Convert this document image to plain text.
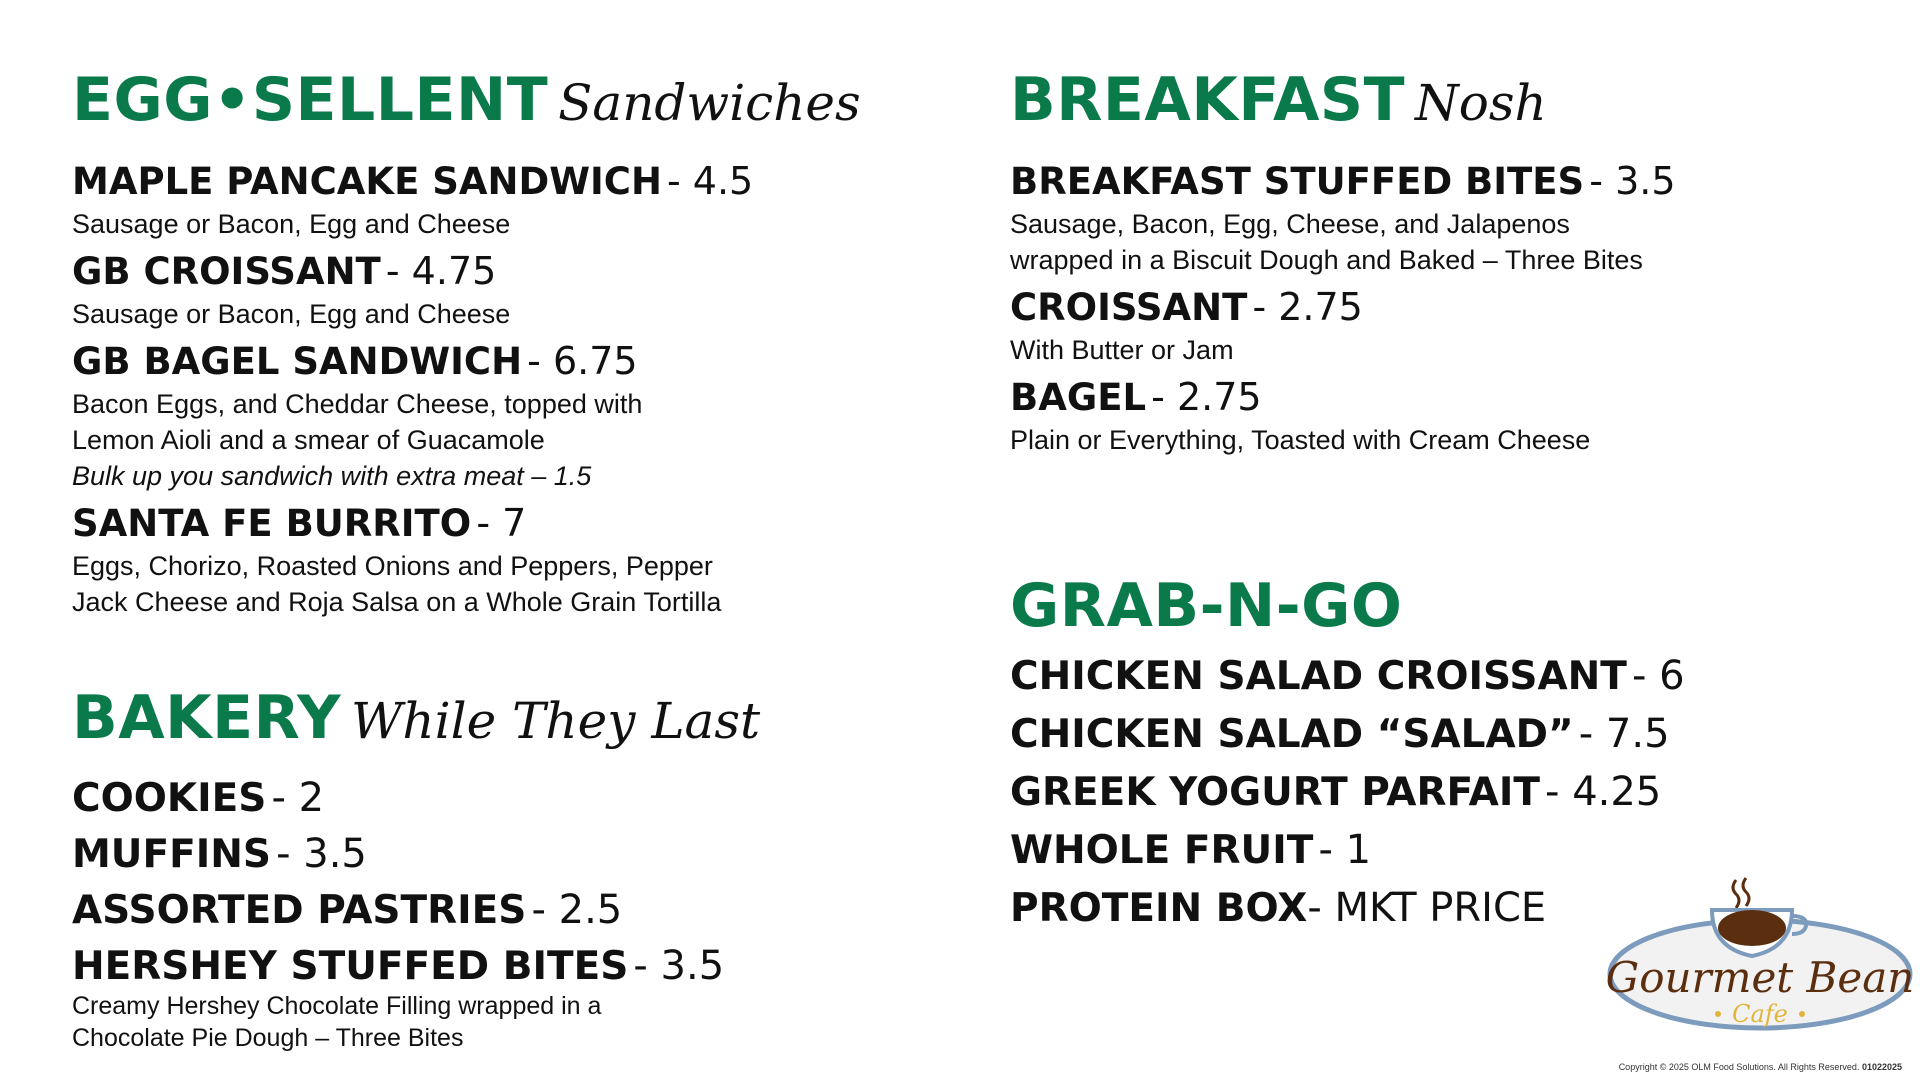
EGG•SELLENT Sandwiches
MAPLE PANCAKE SANDWICH - 4.5
Sausage or Bacon, Egg and Cheese
GB CROISSANT - 4.75
Sausage or Bacon, Egg and Cheese
GB BAGEL SANDWICH - 6.75
Bacon Eggs, and Cheddar Cheese, topped with
Lemon Aioli and a smear of Guacamole
Bulk up you sandwich with extra meat – 1.5
SANTA FE BURRITO - 7
Eggs, Chorizo, Roasted Onions and Peppers, Pepper
Jack Cheese and Roja Salsa on a Whole Grain Tortilla
BAKERY While They Last
COOKIES - 2
MUFFINS - 3.5
ASSORTED PASTRIES - 2.5
HERSHEY STUFFED BITES - 3.5
Creamy Hershey Chocolate Filling wrapped in a
Chocolate Pie Dough – Three Bites
BREAKFAST Nosh
BREAKFAST STUFFED BITES - 3.5
Sausage, Bacon, Egg, Cheese, and Jalapenos
wrapped in a Biscuit Dough and Baked – Three Bites
CROISSANT - 2.75
With Butter or Jam
BAGEL - 2.75
Plain or Everything, Toasted with Cream Cheese
GRAB-N-GO
CHICKEN SALAD CROISSANT - 6
CHICKEN SALAD “SALAD” - 7.5
GREEK YOGURT PARFAIT - 4.25
WHOLE FRUIT - 1
PROTEIN BOX- MKT PRICE
Gourmet Bean
Cafe
Copyright © 2025 OLM Food Solutions. All Rights Reserved. 01022025
